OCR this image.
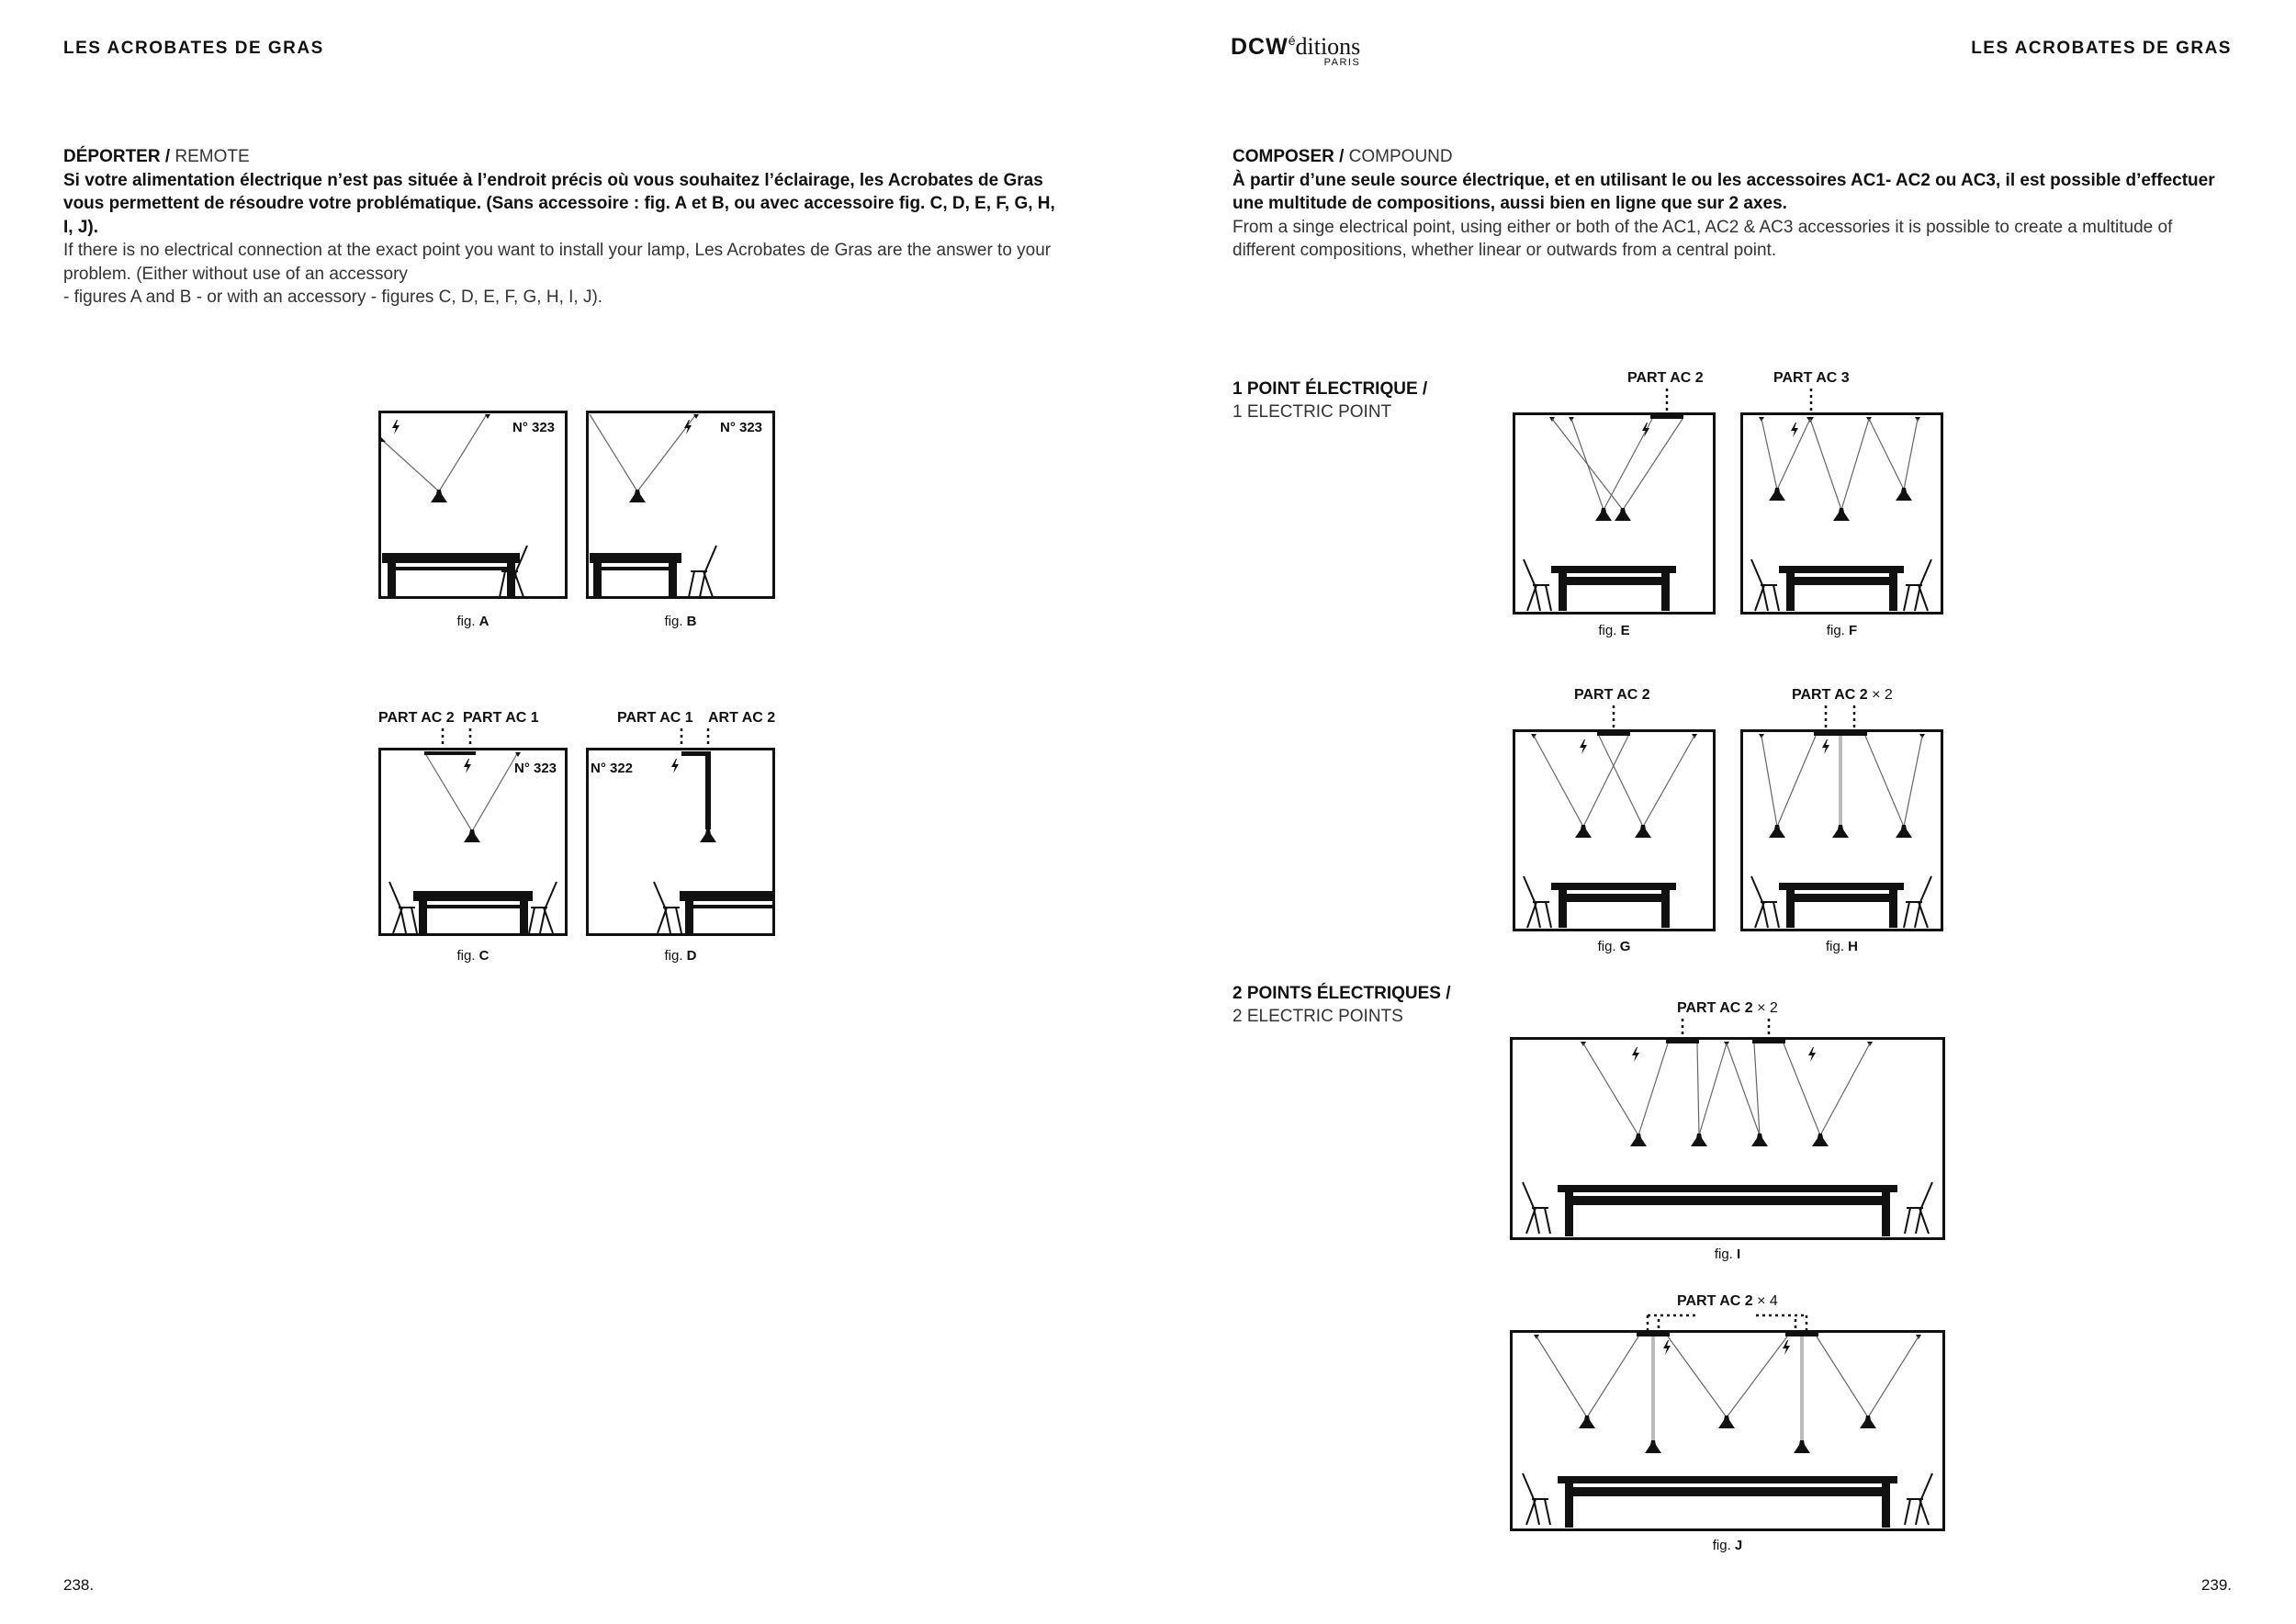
LES ACROBATES DE GRAS	LES ACROBATES DE GRAS
DCWéditions
PARIS
DÉPORTER / REMOTE
Si votre alimentation électrique n’est pas située à l’endroit précis où vous souhaitez l’éclairage, les Acrobates de Gras vous permettent de résoudre votre problématique. (Sans accessoire : fig. A et B, ou avec accessoire fig. C, D, E, F, G, H, I, J).
If there is no electrical connection at the exact point you want to install your lamp, Les Acrobates de Gras are the answer to your problem. (Either without use of an accessory
- figures A and B - or with an accessory - figures C, D, E, F, G, H, I, J).
N° 323
fig. A
N° 323
fig. B
PART AC 2 PART AC 1
N° 323
fig. C
PART AC 1 ART AC 2
N° 322
fig. D
238.
COMPOSER / COMPOUND
À partir d’une seule source électrique, et en utilisant le ou les accessoires AC1- AC2 ou AC3, il est possible d’effectuer une multitude de compositions, aussi bien en ligne que sur 2 axes.
From a singe electrical point, using either or both of the AC1, AC2 & AC3 accessories it is possible to create a multitude of different compositions, whether linear or outwards from a central point.
1 POINT ÉLECTRIQUE /
1 ELECTRIC POINT
PART AC 2
fig. E
PART AC 3
fig. F
PART AC 2
fig. G
PART AC 2 × 2
fig. H
2 POINTS ÉLECTRIQUES /
2 ELECTRIC POINTS	PART AC 2 × 2
fig. I
PART AC 2 × 4
fig. J
239.
